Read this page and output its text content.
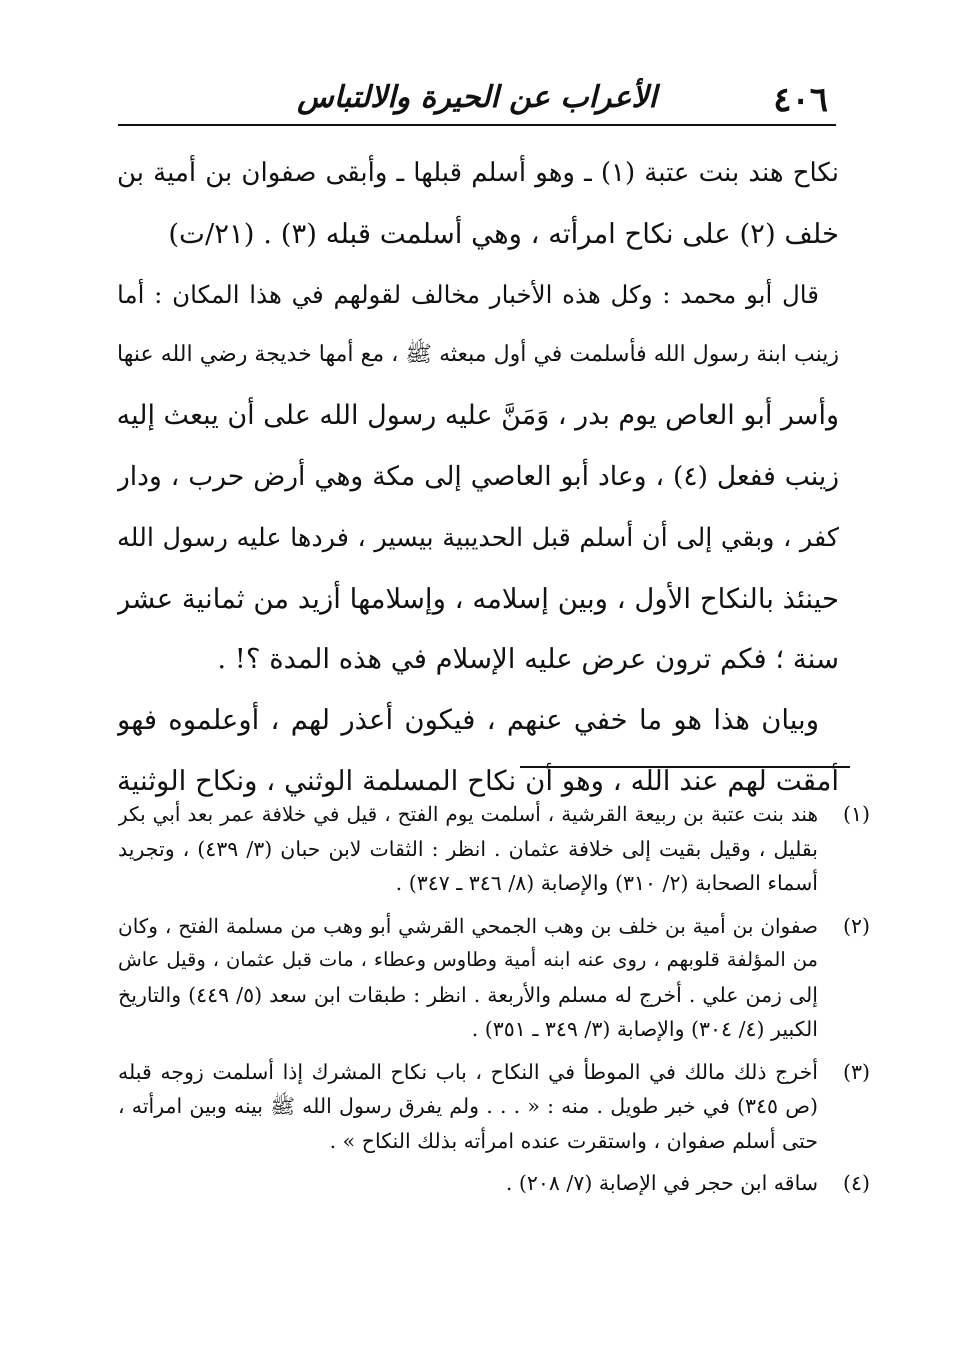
٤٠٦
الأعراب عن الحيرة والالتباس
نكاح هند بنت عتبة (١) ـ وهو أسلم قبلها ـ وأبقى صفوان بن أمية بن
خلف (٢) على نكاح امرأته ، وهي أسلمت قبله (٣) . (٢١/ت)
قال أبو محمد : وكل هذه الأخبار مخالف لقولهم في هذا المكان : أما
زينب ابنة رسول الله فأسلمت في أول مبعثه ﷺ ، مع أمها خديجة رضي الله عنها
وأسر أبو العاص يوم بدر ، وَمَنَّ عليه رسول الله على أن يبعث إليه
زينب ففعل (٤) ، وعاد أبو العاصي إلى مكة وهي أرض حرب ، ودار
كفر ، وبقي إلى أن أسلم قبل الحديبية بيسير ، فردها عليه رسول الله
حينئذ بالنكاح الأول ، وبين إسلامه ، وإسلامها أزيد من ثمانية عشر
سنة ؛ فكم ترون عرض عليه الإسلام في هذه المدة ؟! .
وبيان هذا هو ما خفي عنهم ، فيكون أعذر لهم ، أوعلموه فهو
أمقت لهم عند الله ، وهو أن نكاح المسلمة الوثني ، ونكاح الوثنية
(١)
هند بنت عتبة بن ربيعة القرشية ، أسلمت يوم الفتح ، قيل في خلافة عمر بعد أبي بكر
بقليل ، وقيل بقيت إلى خلافة عثمان . انظر : الثقات لابن حبان (٣/ ٤٣٩) ، وتجريد
أسماء الصحابة (٢/ ٣١٠) والإصابة (٨/ ٣٤٦ ـ ٣٤٧) .
(٢)
صفوان بن أمية بن خلف بن وهب الجمحي القرشي أبو وهب من مسلمة الفتح ، وكان
من المؤلفة قلوبهم ، روى عنه ابنه أمية وطاوس وعطاء ، مات قبل عثمان ، وقيل عاش
إلى زمن علي . أخرج له مسلم والأربعة . انظر : طبقات ابن سعد (٥/ ٤٤٩) والتاريخ
الكبير (٤/ ٣٠٤) والإصابة (٣/ ٣٤٩ ـ ٣٥١) .
(٣)
أخرج ذلك مالك في الموطأ في النكاح ، باب نكاح المشرك إذا أسلمت زوجه قبله
(ص ٣٤٥) في خبر طويل . منه : « . . . ولم يفرق رسول الله ﷺ بينه وبين امرأته ،
حتى أسلم صفوان ، واستقرت عنده امرأته بذلك النكاح » .
(٤)
ساقه ابن حجر في الإصابة (٧/ ٢٠٨) .
